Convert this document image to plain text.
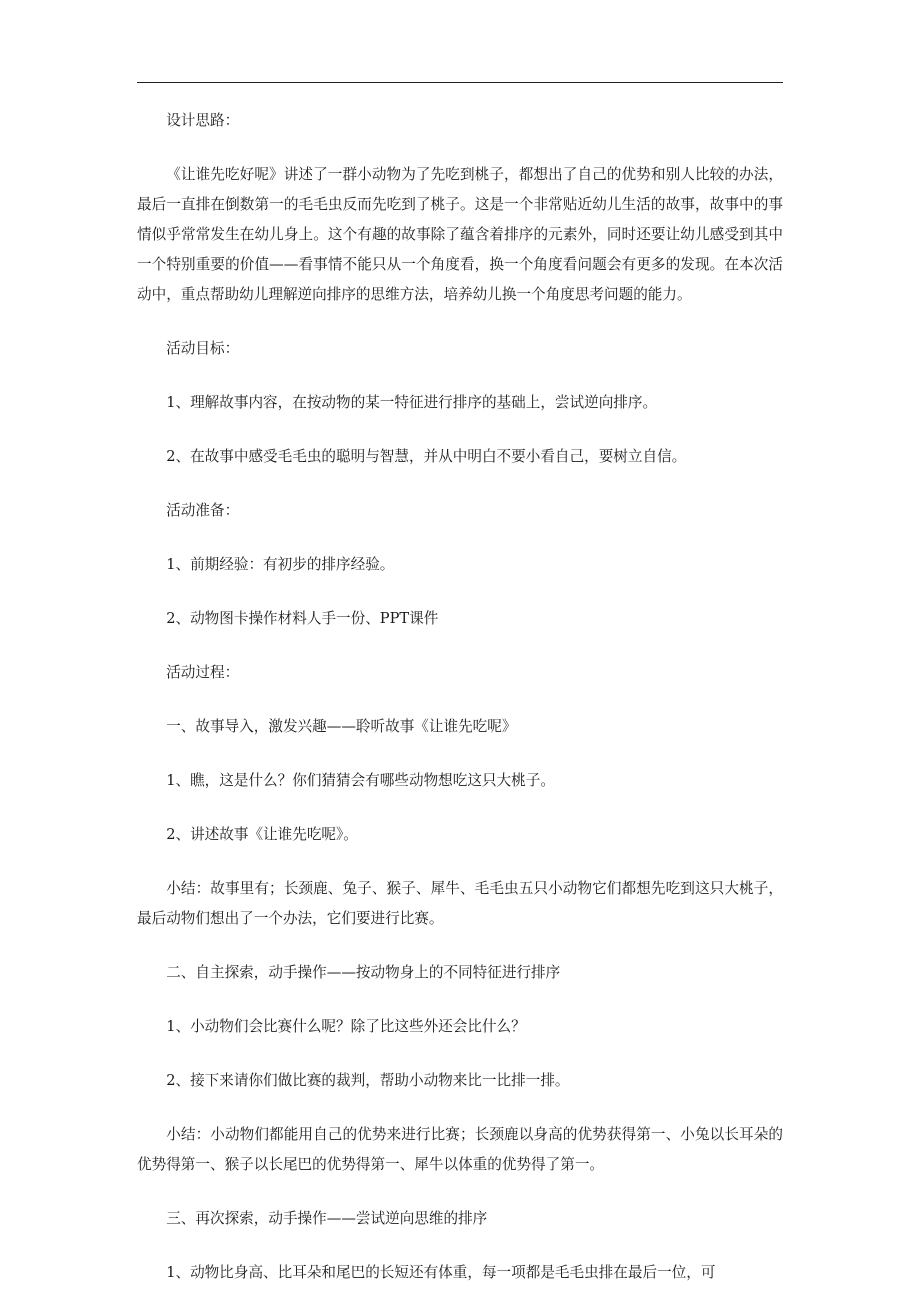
设计思路：

《让谁先吃好呢》讲述了一群小动物为了先吃到桃子，都想出了自己的优势和别人比较的办法，最后一直排在倒数第一的毛毛虫反而先吃到了桃子。这是一个非常贴近幼儿生活的故事，故事中的事情似乎常常发生在幼儿身上。这个有趣的故事除了蕴含着排序的元素外，同时还要让幼儿感受到其中一个特别重要的价值——看事情不能只从一个角度看，换一个角度看问题会有更多的发现。在本次活动中，重点帮助幼儿理解逆向排序的思维方法，培养幼儿换一个角度思考问题的能力。

活动目标：

1、理解故事内容，在按动物的某一特征进行排序的基础上，尝试逆向排序。

2、在故事中感受毛毛虫的聪明与智慧，并从中明白不要小看自己，要树立自信。

活动准备：

1、前期经验：有初步的排序经验。

2、动物图卡操作材料人手一份、PPT课件

活动过程：

一、故事导入，激发兴趣——聆听故事《让谁先吃呢》

1、瞧，这是什么？你们猜猜会有哪些动物想吃这只大桃子。

2、讲述故事《让谁先吃呢》。

小结：故事里有；长颈鹿、兔子、猴子、犀牛、毛毛虫五只小动物它们都想先吃到这只大桃子，最后动物们想出了一个办法，它们要进行比赛。

二、自主探索，动手操作——按动物身上的不同特征进行排序

1、小动物们会比赛什么呢？除了比这些外还会比什么？

2、接下来请你们做比赛的裁判，帮助小动物来比一比排一排。

小结：小动物们都能用自己的优势来进行比赛；长颈鹿以身高的优势获得第一、小兔以长耳朵的优势得第一、猴子以长尾巴的优势得第一、犀牛以体重的优势得了第一。

三、再次探索，动手操作——尝试逆向思维的排序

1、动物比身高、比耳朵和尾巴的长短还有体重，每一项都是毛毛虫排在最后一位，可
